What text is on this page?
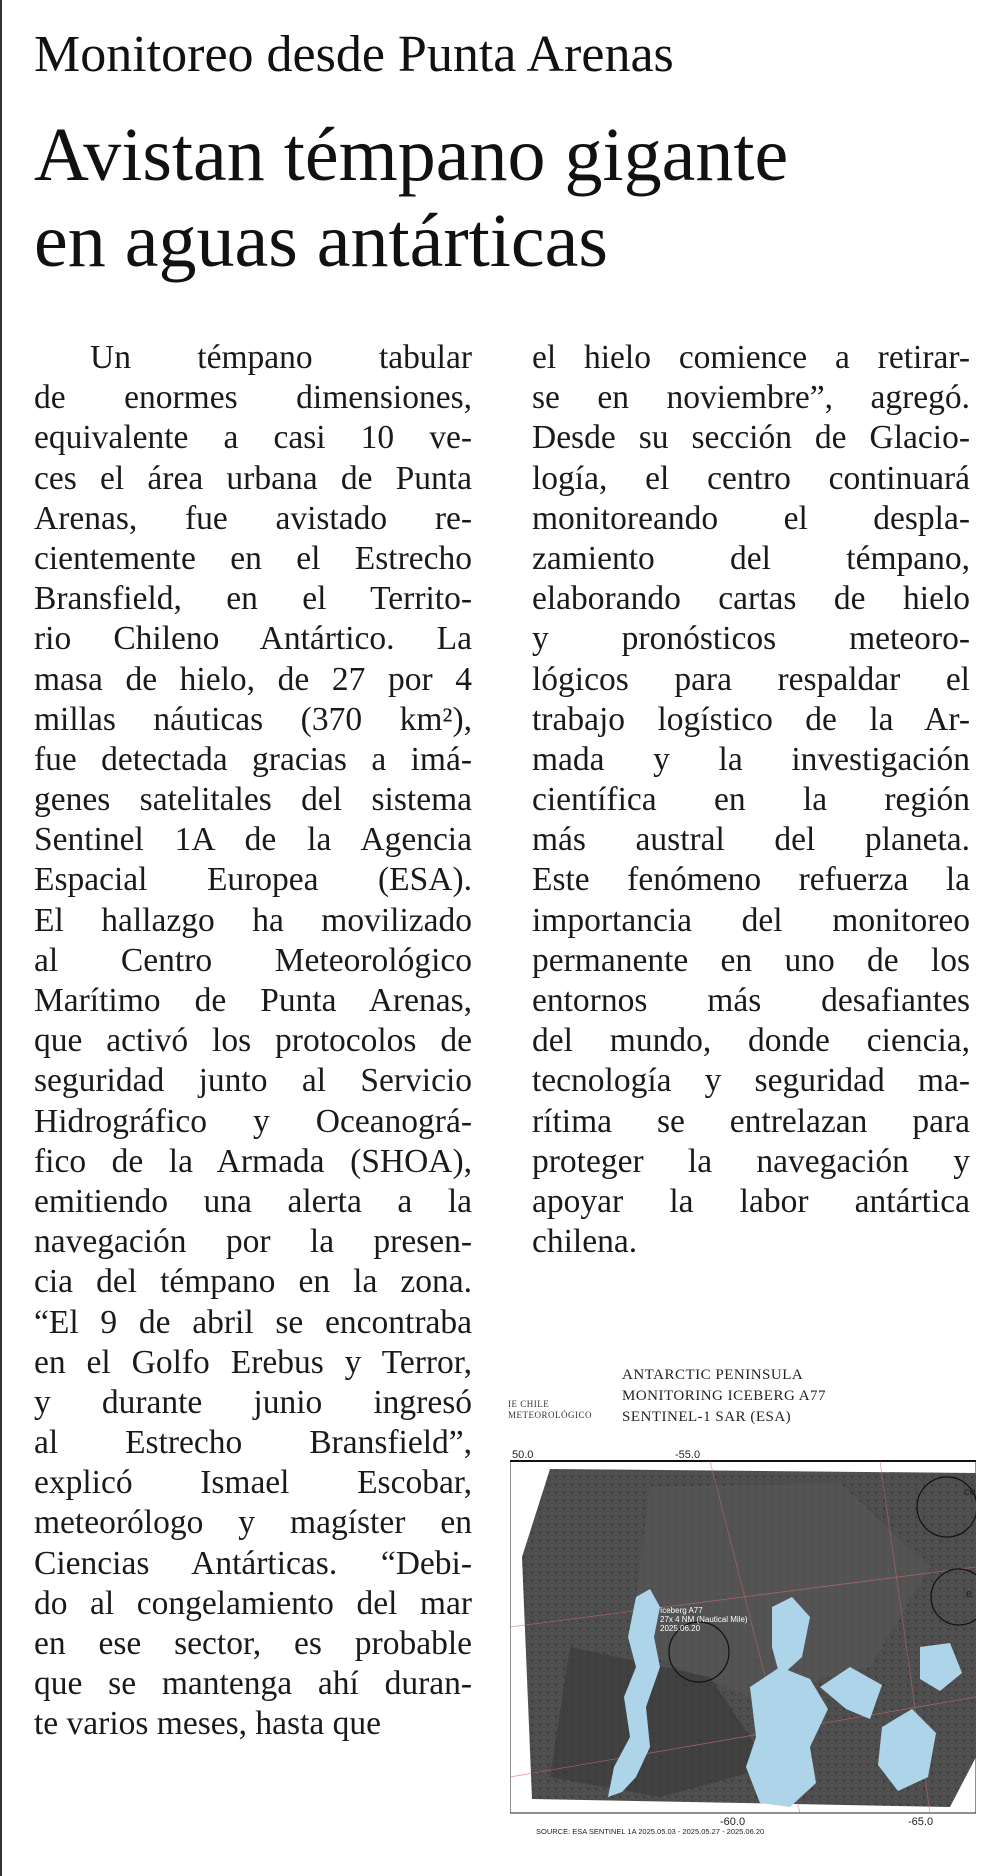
Monitoreo desde Punta Arenas
Avistan témpano gigante
en aguas antárticas
Un témpano tabular
de enormes dimensiones,
equivalente a casi 10 ve-
ces el área urbana de Punta
Arenas, fue avistado re-
cientemente en el Estrecho
Bransfield, en el Territo-
rio Chileno Antártico. La
masa de hielo, de 27 por 4
millas náuticas (370 km²),
fue detectada gracias a imá-
genes satelitales del sistema
Sentinel 1A de la Agencia
Espacial Europea (ESA).
El hallazgo ha movilizado
al Centro Meteorológico
Marítimo de Punta Arenas,
que activó los protocolos de
seguridad junto al Servicio
Hidrográfico y Oceanográ-
fico de la Armada (SHOA),
emitiendo una alerta a la
navegación por la presen-
cia del témpano en la zona.
“El 9 de abril se encontraba
en el Golfo Erebus y Terror,
y durante junio ingresó
al Estrecho Bransfield”,
explicó Ismael Escobar,
meteorólogo y magíster en
Ciencias Antárticas. “Debi-
do al congelamiento del mar
en ese sector, es probable
que se mantenga ahí duran-
te varios meses, hasta que
el hielo comience a retirar-
se en noviembre”, agregó.
Desde su sección de Glacio-
logía, el centro continuará
monitoreando el despla-
zamiento del témpano,
elaborando cartas de hielo
y pronósticos meteoro-
lógicos para respaldar el
trabajo logístico de la Ar-
mada y la investigación
científica en la región
más austral del planeta.
Este fenómeno refuerza la
importancia del monitoreo
permanente en uno de los
entornos más desafiantes
del mundo, donde ciencia,
tecnología y seguridad ma-
rítima se entrelazan para
proteger la navegación y
apoyar la labor antártica
chilena.
IE CHILE
METEOROLÓGICO
ANTARCTIC PENINSULA
MONITORING ICEBERG A77
SENTINEL-1 SAR (ESA)
Iceberg A77
27x 4 NM (Nautical Mile)
2025.06.20
ce
e
50.0	-55.0
-60.0	-65.0
SOURCE: ESA SENTINEL 1A 2025.05.03 - 2025.05.27 - 2025.06.20
